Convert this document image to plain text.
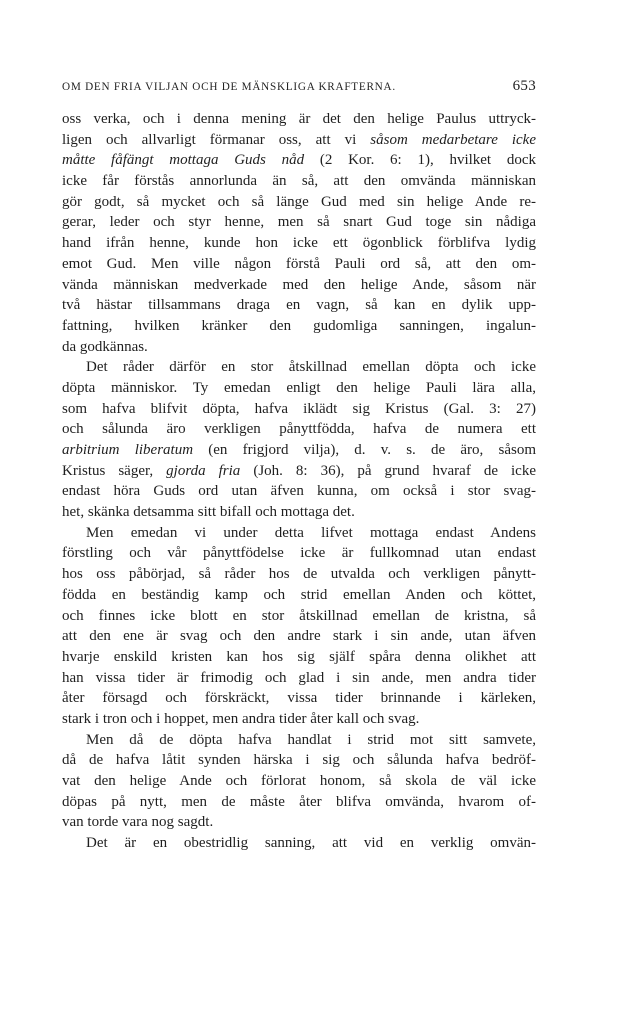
OM DEN FRIA VILJAN OCH DE MÄNSKLIGA KRAFTERNA.	653
oss verka, och i denna mening är det den helige Paulus uttryck-
ligen och allvarligt förmanar oss, att vi såsom medarbetare icke
måtte fåfängt mottaga Guds nåd (2 Kor. 6: 1), hvilket dock
icke får förstås annorlunda än så, att den omvända människan
gör godt, så mycket och så länge Gud med sin helige Ande re-
gerar, leder och styr henne, men så snart Gud toge sin nådiga
hand ifrån henne, kunde hon icke ett ögonblick förblifva lydig
emot Gud. Men ville någon förstå Pauli ord så, att den om-
vända människan medverkade med den helige Ande, såsom när
två hästar tillsammans draga en vagn, så kan en dylik upp-
fattning, hvilken kränker den gudomliga sanningen, ingalun-
da godkännas.
Det råder därför en stor åtskillnad emellan döpta och icke
döpta människor. Ty emedan enligt den helige Pauli lära alla,
som hafva blifvit döpta, hafva iklädt sig Kristus (Gal. 3: 27)
och sålunda äro verkligen pånyttfödda, hafva de numera ett
arbitrium liberatum (en frigjord vilja), d. v. s. de äro, såsom
Kristus säger, gjorda fria (Joh. 8: 36), på grund hvaraf de icke
endast höra Guds ord utan äfven kunna, om också i stor svag-
het, skänka detsamma sitt bifall och mottaga det.
Men emedan vi under detta lifvet mottaga endast Andens
förstling och vår pånyttfödelse icke är fullkomnad utan endast
hos oss påbörjad, så råder hos de utvalda och verkligen pånytt-
födda en beständig kamp och strid emellan Anden och köttet,
och finnes icke blott en stor åtskillnad emellan de kristna, så
att den ene är svag och den andre stark i sin ande, utan äfven
hvarje enskild kristen kan hos sig själf spåra denna olikhet att
han vissa tider är frimodig och glad i sin ande, men andra tider
åter försagd och förskräckt, vissa tider brinnande i kärleken,
stark i tron och i hoppet, men andra tider åter kall och svag.
Men då de döpta hafva handlat i strid mot sitt samvete,
då de hafva låtit synden härska i sig och sålunda hafva bedröf-
vat den helige Ande och förlorat honom, så skola de väl icke
döpas på nytt, men de måste åter blifva omvända, hvarom of-
van torde vara nog sagdt.
Det är en obestridlig sanning, att vid en verklig omvän-
